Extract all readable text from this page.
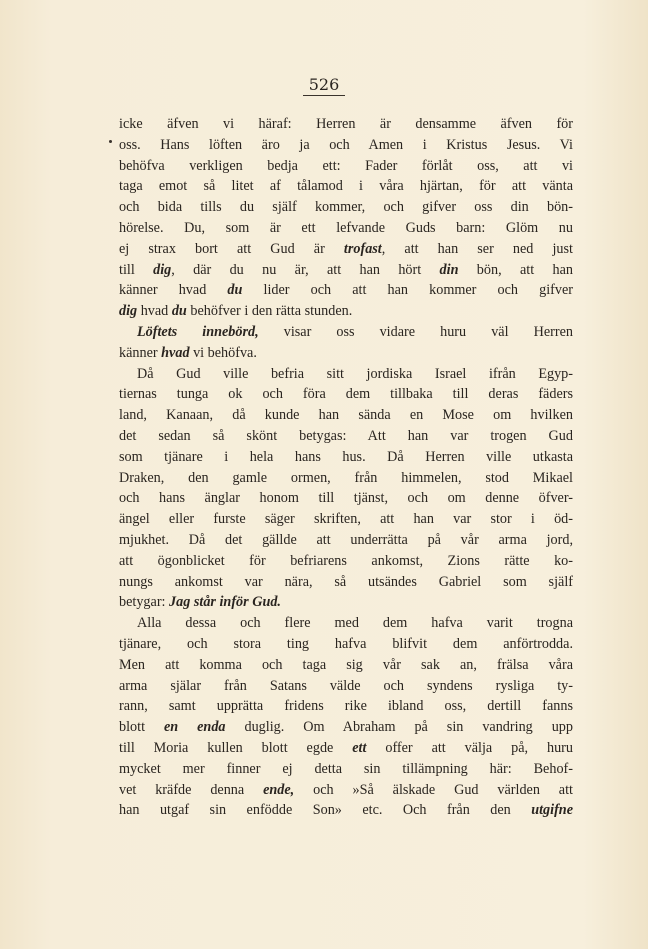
526
icke äfven vi häraf: Herren är densamme äfven för
oss. Hans löften äro ja och Amen i Kristus Jesus. Vi
behöfva verkligen bedja ett: Fader förlåt oss, att vi
taga emot så litet af tålamod i våra hjärtan, för att vänta
och bida tills du själf kommer, och gifver oss din bön-
hörelse. Du, som är ett lefvande Guds barn: Glöm nu
ej strax bort att Gud är trofast, att han ser ned just
till dig, där du nu är, att han hört din bön, att han
känner hvad du lider och att han kommer och gifver
dig hvad du behöfver i den rätta stunden.
Löftets innebörd, visar oss vidare huru väl Herren
känner hvad vi behöfva.
Då Gud ville befria sitt jordiska Israel ifrån Egyp-
tiernas tunga ok och föra dem tillbaka till deras fäders
land, Kanaan, då kunde han sända en Mose om hvilken
det sedan så skönt betygas: Att han var trogen Gud
som tjänare i hela hans hus. Då Herren ville utkasta
Draken, den gamle ormen, från himmelen, stod Mikael
och hans änglar honom till tjänst, och om denne öfver-
ängel eller furste säger skriften, att han var stor i öd-
mjukhet. Då det gällde att underrätta på vår arma jord,
att ögonblicket för befriarens ankomst, Zions rätte ko-
nungs ankomst var nära, så utsändes Gabriel som själf
betygar: Jag står inför Gud.
Alla dessa och flere med dem hafva varit trogna
tjänare, och stora ting hafva blifvit dem anförtrodda.
Men att komma och taga sig vår sak an, frälsa våra
arma själar från Satans välde och syndens rysliga ty-
rann, samt upprätta fridens rike ibland oss, dertill fanns
blott en enda duglig. Om Abraham på sin vandring upp
till Moria kullen blott egde ett offer att välja på, huru
mycket mer finner ej detta sin tillämpning här: Behof-
vet kräfde denna ende, och »Så älskade Gud världen att
han utgaf sin enfödde Son» etc. Och från den utgifne
